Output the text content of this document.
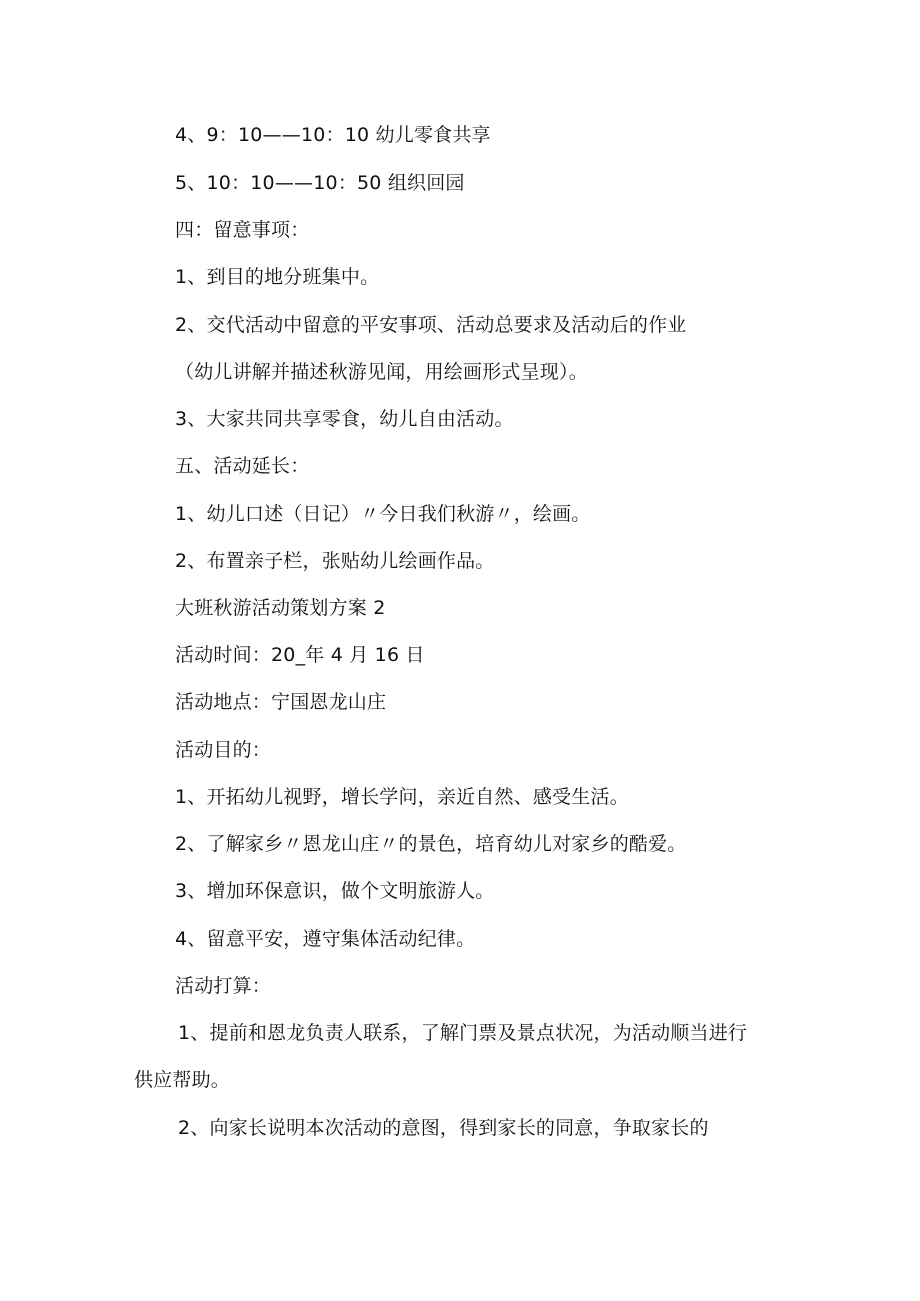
4、9：10——10：10 幼儿零食共享
5、10：10——10：50 组织回园
四：留意事项：
1、到目的地分班集中。
2、交代活动中留意的平安事项、活动总要求及活动后的作业
（幼儿讲解并描述秋游见闻，用绘画形式呈现）。
3、大家共同共享零食，幼儿自由活动。
五、活动延长：
1、幼儿口述（日记）〃今日我们秋游〃，绘画。
2、布置亲子栏，张贴幼儿绘画作品。
大班秋游活动策划方案 2
活动时间：20_年 4 月 16 日
活动地点：宁国恩龙山庄
活动目的：
1、开拓幼儿视野，增长学问，亲近自然、感受生活。
2、了解家乡〃恩龙山庄〃的景色，培育幼儿对家乡的酷爱。
3、增加环保意识，做个文明旅游人。
4、留意平安，遵守集体活动纪律。
活动打算：
1、提前和恩龙负责人联系，了解门票及景点状况，为活动顺当进行
供应帮助。
2、向家长说明本次活动的意图，得到家长的同意，争取家长的
